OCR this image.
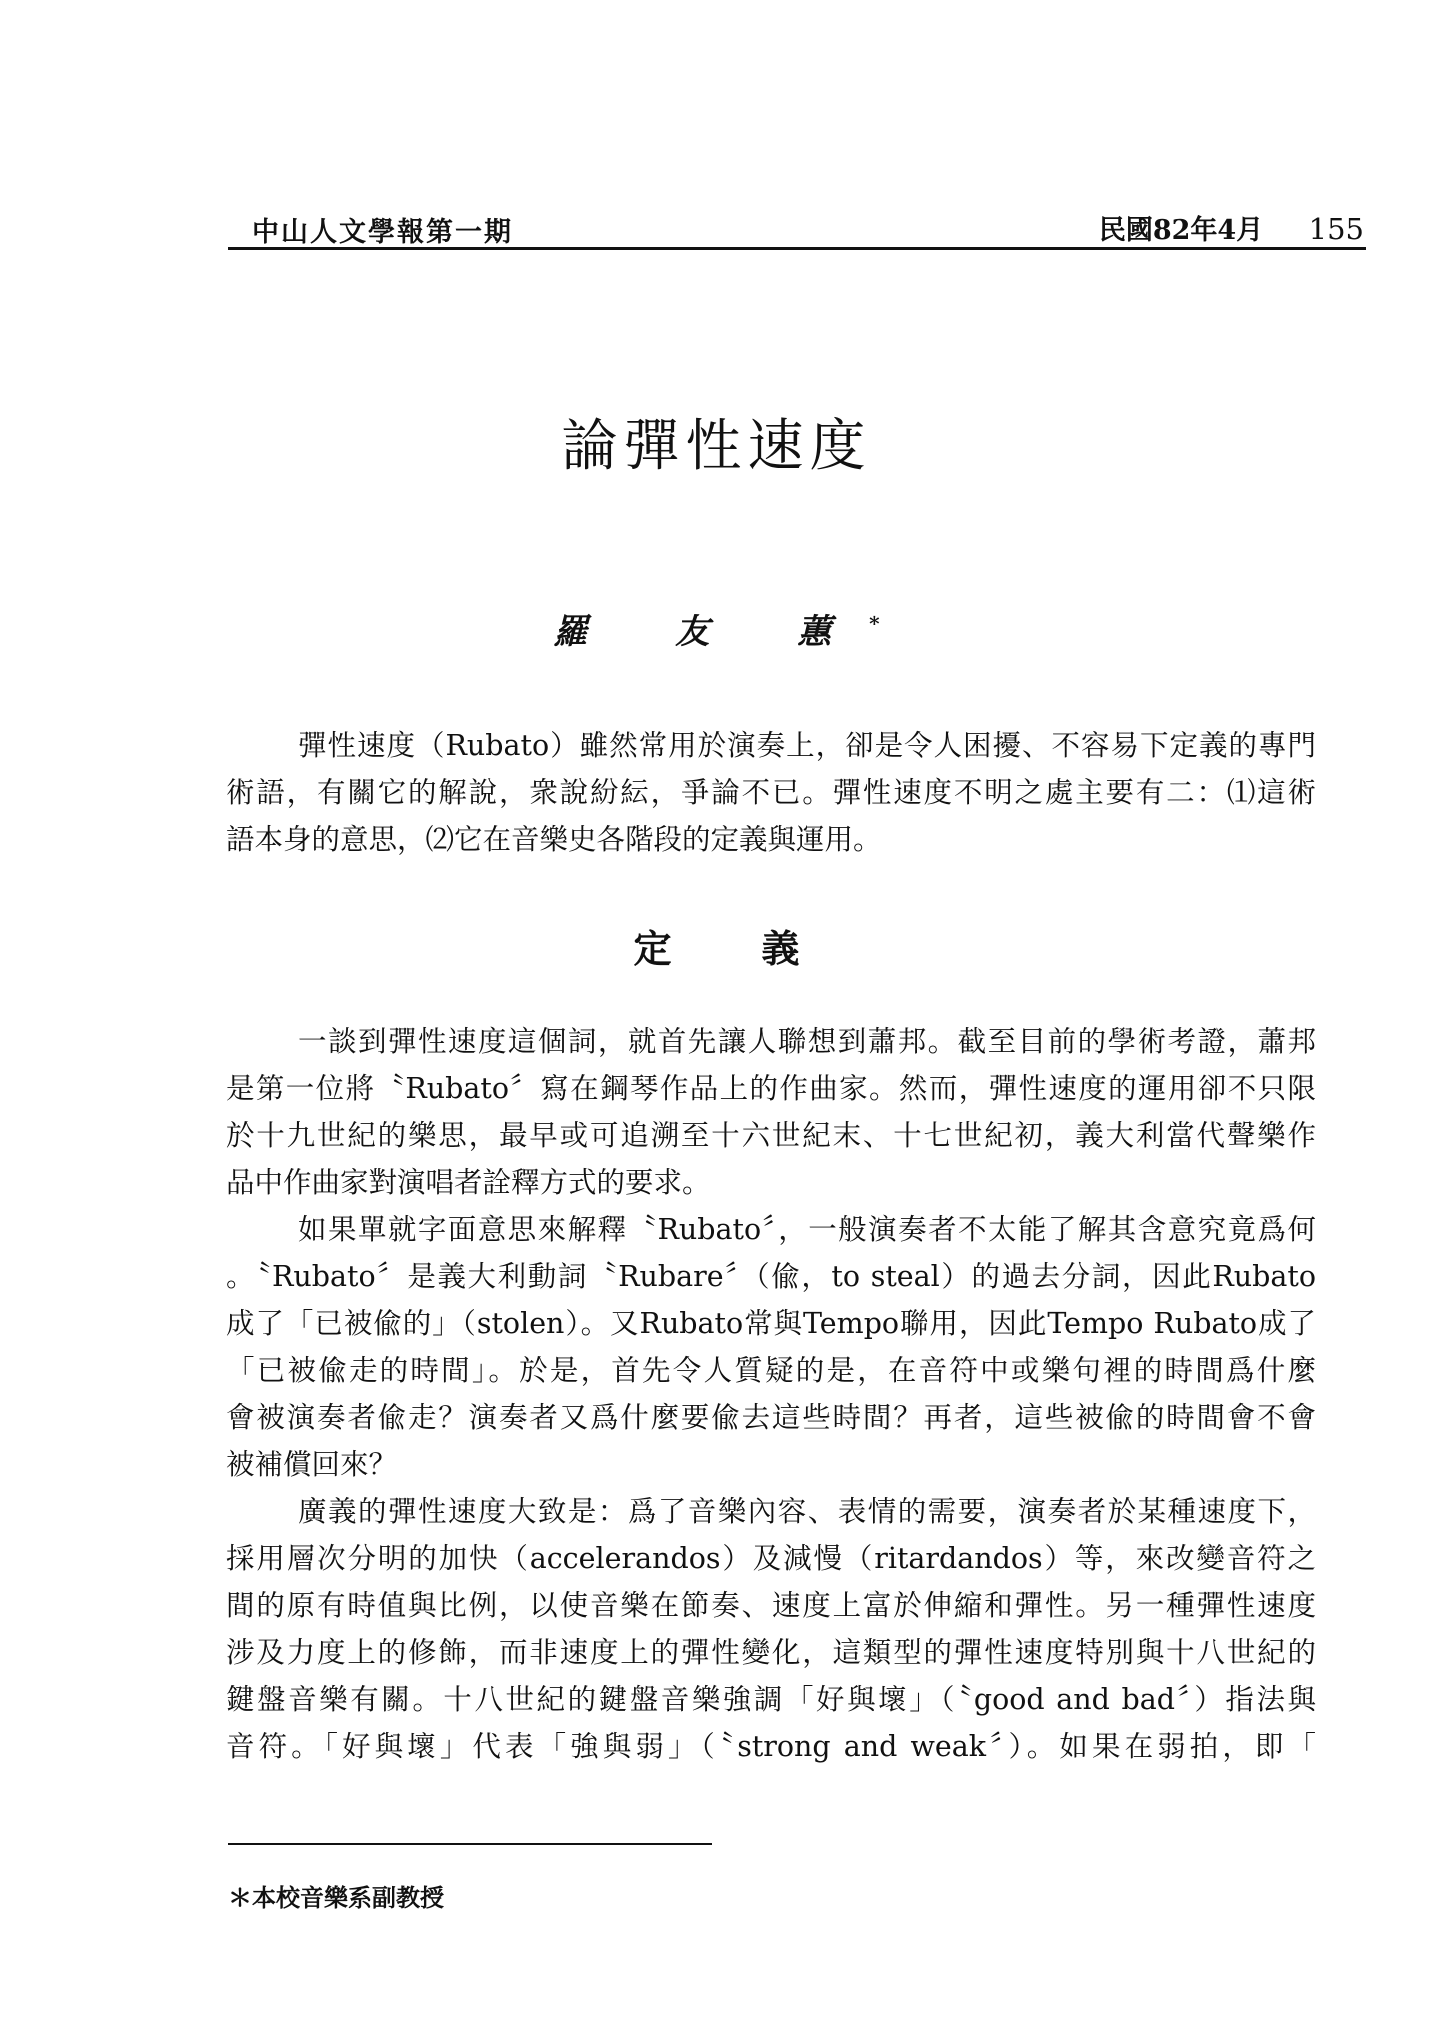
中山人文學報第一期	民國82年4月 155
論彈性速度
羅 友 蕙*
彈性速度（Rubato）雖然常用於演奏上，卻是令人困擾、不容易下定義的專門
術語，有關它的解說，衆說紛紜，爭論不已。彈性速度不明之處主要有二：⑴這術
語本身的意思，⑵它在音樂史各階段的定義與運用。
定義
一談到彈性速度這個詞，就首先讓人聯想到蕭邦。截至目前的學術考證，蕭邦
是第一位將〝Rubato〞寫在鋼琴作品上的作曲家。然而，彈性速度的運用卻不只限
於十九世紀的樂思，最早或可追溯至十六世紀末、十七世紀初，義大利當代聲樂作
品中作曲家對演唱者詮釋方式的要求。
如果單就字面意思來解釋〝Rubato〞，一般演奏者不太能了解其含意究竟爲何
。〝Rubato〞是義大利動詞〝Rubare〞（偸，to steal）的過去分詞，因此Rubato
成了「已被偸的」（stolen）。又Rubato常與Tempo聯用，因此Tempo Rubato成了
「已被偸走的時間」。於是，首先令人質疑的是，在音符中或樂句裡的時間爲什麼
會被演奏者偸走？演奏者又爲什麼要偸去這些時間？再者，這些被偸的時間會不會
被補償回來？
廣義的彈性速度大致是：爲了音樂內容、表情的需要，演奏者於某種速度下，
採用層次分明的加快（accelerandos）及減慢（ritardandos）等，來改變音符之
間的原有時值與比例，以使音樂在節奏、速度上富於伸縮和彈性。另一種彈性速度
涉及力度上的修飾，而非速度上的彈性變化，這類型的彈性速度特別與十八世紀的
鍵盤音樂有關。十八世紀的鍵盤音樂強調「好與壞」（〝good and bad〞）指法與
音符。「好與壞」代表「強與弱」（〝strong and weak〞）。如果在弱拍，即「
＊本校音樂系副教授
